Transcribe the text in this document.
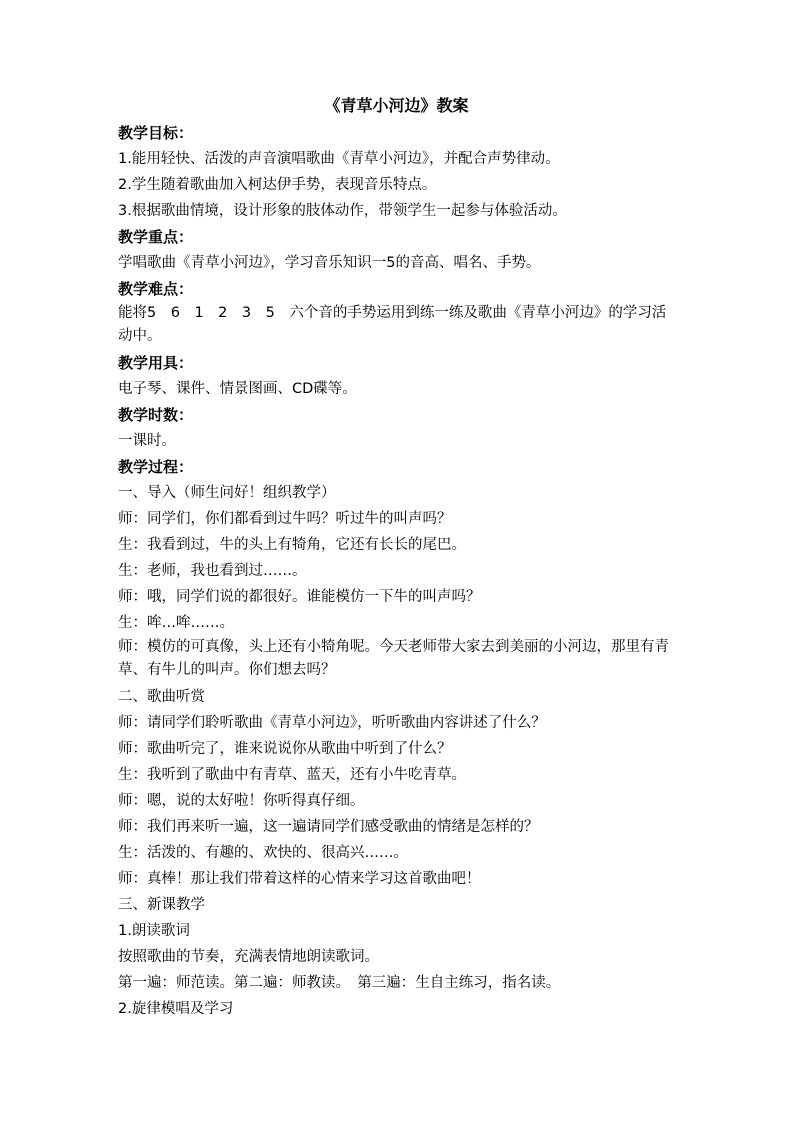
《青草小河边》教案
教学目标：
1.能用轻快、活泼的声音演唱歌曲《青草小河边》，并配合声势律动。
2.学生随着歌曲加入柯达伊手势，表现音乐特点。
3.根据歌曲情境，设计形象的肢体动作，带领学生一起参与体验活动。
教学重点：
学唱歌曲《青草小河边》，学习音乐知识一5的音高、唱名、手势。
教学难点：
能将5　6　1　2　3　5　六个音的手势运用到练一练及歌曲《青草小河边》的学习活动中。
教学用具：
电子琴、课件、情景图画、CD碟等。
教学时数：
一课时。
教学过程：
一、导入（师生问好！组织教学）
师：同学们，你们都看到过牛吗？听过牛的叫声吗？
生：我看到过，牛的头上有犄角，它还有长长的尾巴。
生：老师，我也看到过……。
师：哦，同学们说的都很好。谁能模仿一下牛的叫声吗？
生：哞…哞……。
师：模仿的可真像，头上还有小犄角呢。今天老师带大家去到美丽的小河边，那里有青草、有牛儿的叫声。你们想去吗？
二、歌曲听赏
师：请同学们聆听歌曲《青草小河边》，听听歌曲内容讲述了什么？
师：歌曲听完了，谁来说说你从歌曲中听到了什么？
生：我听到了歌曲中有青草、蓝天，还有小牛吃青草。
师：嗯，说的太好啦！你听得真仔细。
师：我们再来听一遍，这一遍请同学们感受歌曲的情绪是怎样的？
生：活泼的、有趣的、欢快的、很高兴……。
师：真棒！那让我们带着这样的心情来学习这首歌曲吧！
三、新课教学
1.朗读歌词
按照歌曲的节奏，充满表情地朗读歌词。
第一遍：师范读。第二遍：师教读。　第三遍：生自主练习，指名读。
2.旋律模唱及学习
